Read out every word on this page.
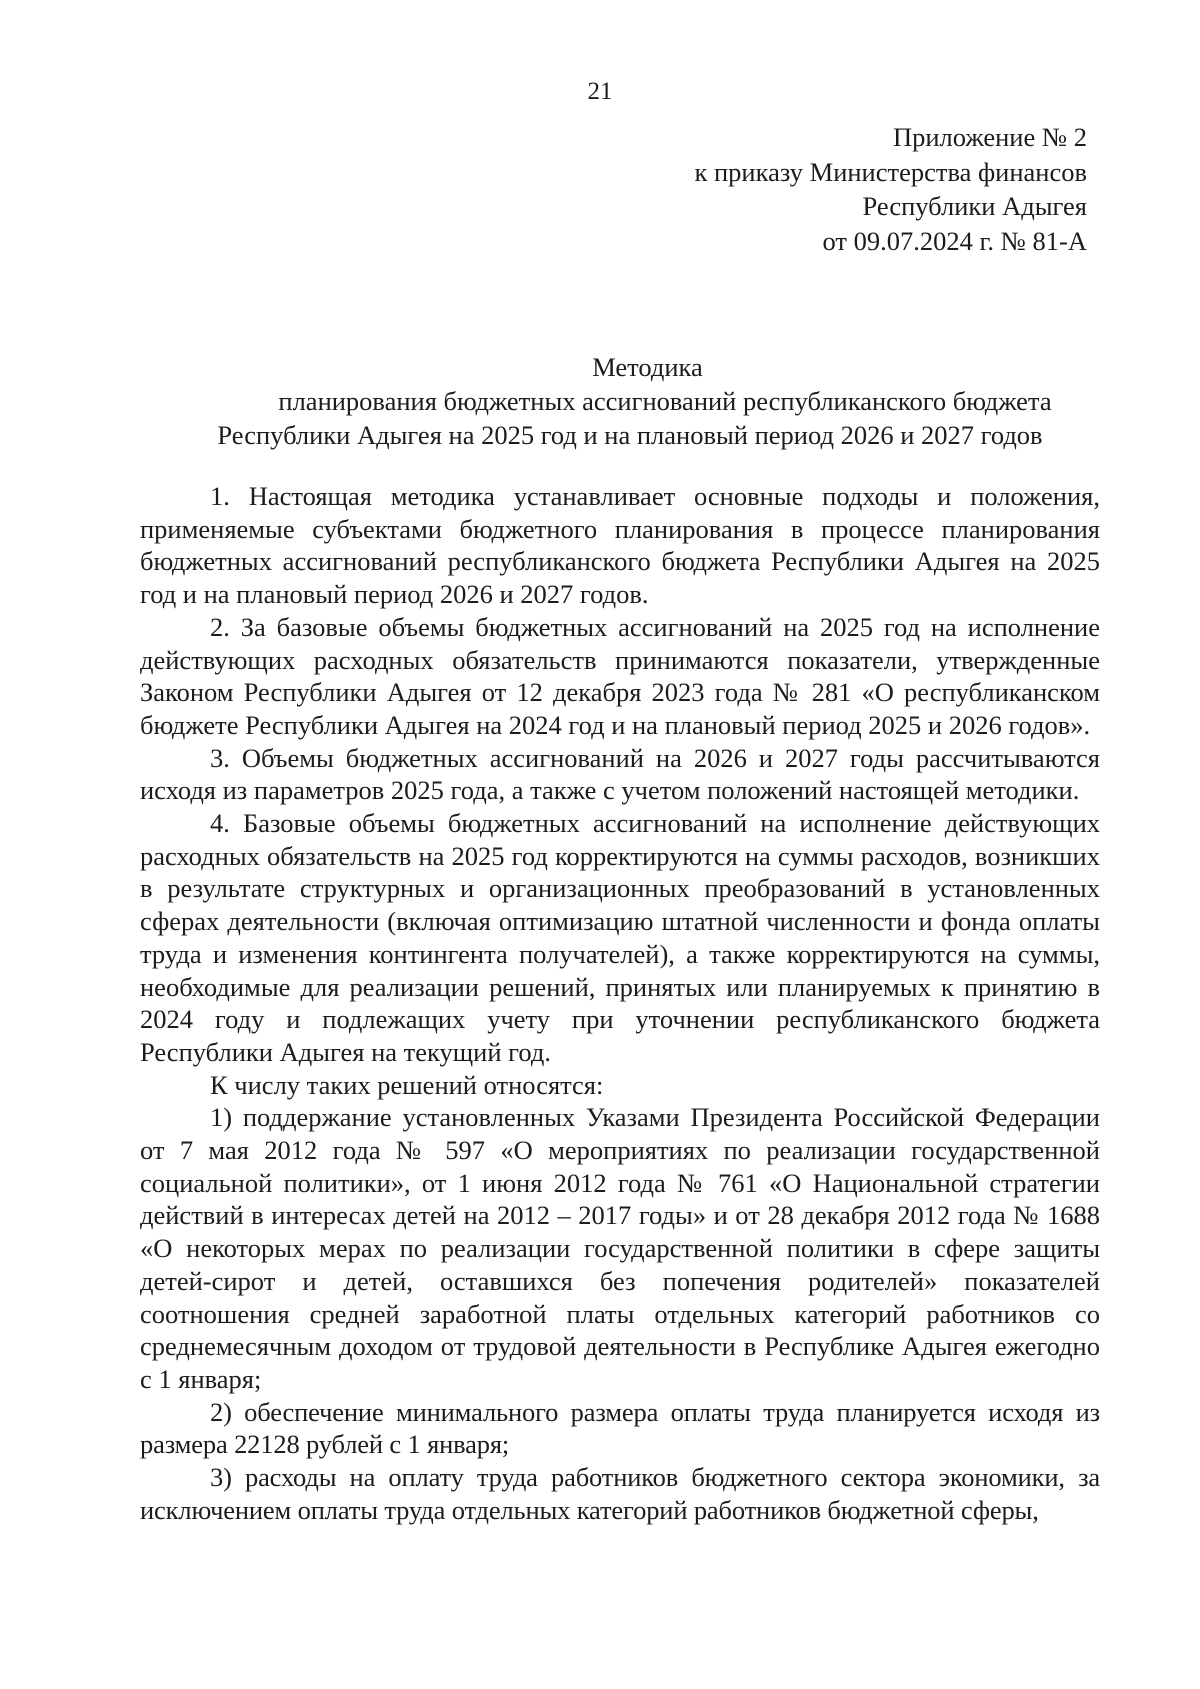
21
Приложение № 2
к приказу Министерства финансов
Республики Адыгея
от 09.07.2024 г. № 81-А
Методика
планирования бюджетных ассигнований республиканского бюджета
Республики Адыгея на 2025 год и на плановый период 2026 и 2027 годов

1. Настоящая методика устанавливает основные подходы и положения, применяемые субъектами бюджетного планирования в процессе планирования бюджетных ассигнований республиканского бюджета Республики Адыгея на 2025 год и на плановый период 2026 и 2027 годов.

2. За базовые объемы бюджетных ассигнований на 2025 год на исполнение действующих расходных обязательств принимаются показатели, утвержденные Законом Республики Адыгея от 12 декабря 2023 года № 281 «О республиканском бюджете Республики Адыгея на 2024 год и на плановый период 2025 и 2026 годов».

3. Объемы бюджетных ассигнований на 2026 и 2027 годы рассчитываются исходя из параметров 2025 года, а также с учетом положений настоящей методики.

4. Базовые объемы бюджетных ассигнований на исполнение действующих расходных обязательств на 2025 год корректируются на суммы расходов, возникших в результате структурных и организационных преобразований в установленных сферах деятельности (включая оптимизацию штатной численности и фонда оплаты труда и изменения контингента получателей), а также корректируются на суммы, необходимые для реализации решений, принятых или планируемых к принятию в 2024 году и подлежащих учету при уточнении республиканского бюджета Республики Адыгея на текущий год.

К числу таких решений относятся:

1) поддержание установленных Указами Президента Российской Федерации от 7 мая 2012 года № 597 «О мероприятиях по реализации государственной социальной политики», от 1 июня 2012 года № 761 «О Национальной стратегии действий в интересах детей на 2012 – 2017 годы» и от 28 декабря 2012 года № 1688 «О некоторых мерах по реализации государственной политики в сфере защиты детей-сирот и детей, оставшихся без попечения родителей» показателей соотношения средней заработной платы отдельных категорий работников со среднемесячным доходом от трудовой деятельности в Республике Адыгея ежегодно с 1 января;

2) обеспечение минимального размера оплаты труда планируется исходя из размера 22128 рублей с 1 января;

3) расходы на оплату труда работников бюджетного сектора экономики, за исключением оплаты труда отдельных категорий работников бюджетной сферы,
